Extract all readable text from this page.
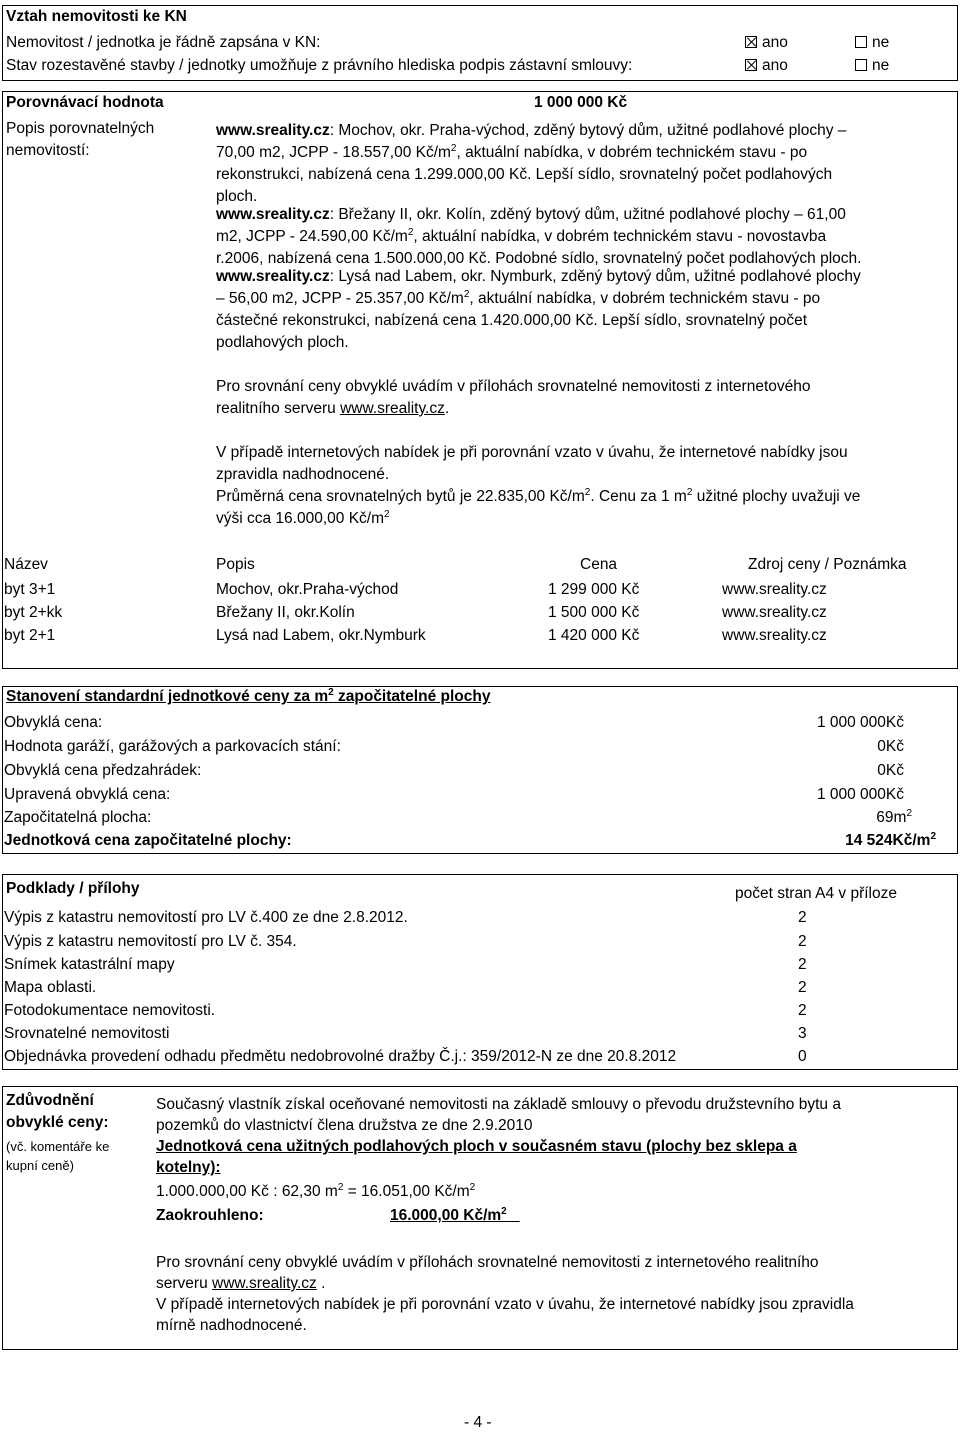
Vztah nemovitosti ke KN
Nemovitost / jednotka je řádně zapsána v KN:	ano	ne
Stav rozestavěné stavby / jednotky umožňuje z právního hlediska podpis zástavní smlouvy:	ano	ne
Porovnávací hodnota	1 000 000 Kč
Popis porovnatelných
nemovitostí:
www.sreality.cz: Mochov, okr. Praha-východ, zděný bytový dům, užitné podlahové plochy –
70,00 m2, JCPP - 18.557,00 $Kč/m^2$, aktuální nabídka, v dobrém technickém stavu - po
rekonstrukci, nabízená cena 1.299.000,00 Kč. Lepší sídlo, srovnatelný počet podlahových
ploch.
www.sreality.cz: Břežany II, okr. Kolín, zděný bytový dům, užitné podlahové plochy – 61,00
m2, JCPP - 24.590,00 $Kč/m^2$, aktuální nabídka, v dobrém technickém stavu - novostavba
r.2006, nabízená cena 1.500.000,00 Kč. Podobné sídlo, srovnatelný počet podlahových ploch.
www.sreality.cz: Lysá nad Labem, okr. Nymburk, zděný bytový dům, užitné podlahové plochy
– 56,00 m2, JCPP - 25.357,00 $Kč/m^2$, aktuální nabídka, v dobrém technickém stavu - po
částečné rekonstrukci, nabízená cena 1.420.000,00 Kč. Lepší sídlo, srovnatelný počet
podlahových ploch.
Pro srovnání ceny obvyklé uvádím v přílohách srovnatelné nemovitosti z internetového
realitního serveru www.sreality.cz.
V případě internetových nabídek je při porovnání vzato v úvahu, že internetové nabídky jsou
zpravidla nadhodnocené.
Průměrná cena srovnatelných bytů je 22.835,00 $Kč/m^2$. Cenu za 1 $m^2$ užitné plochy uvažuji ve
výši cca 16.000,00 $Kč/m^2$
Název	Popis	Cena	Zdroj ceny / Poznámka
byt 3+1	Mochov, okr.Praha-východ	1 299 000 Kč	www.sreality.cz
byt 2+kk	Břežany II, okr.Kolín	1 500 000 Kč	www.sreality.cz
byt 2+1	Lysá nad Labem, okr.Nymburk	1 420 000 Kč	www.sreality.cz
Stanovení standardní jednotkové ceny za $m^2$ započitatelné plochy
Obvyklá cena:	1 000 000Kč
Hodnota garáží, garážových a parkovacích stání:	0Kč
Obvyklá cena předzahrádek:	0Kč
Upravená obvyklá cena:	1 000 000Kč
Započitatelná plocha:	$69m^2$
Jednotková cena započitatelné plochy:	14 $524Kč/m^2$
Podklady / přílohy	počet stran A4 v příloze
Výpis z katastru nemovitostí pro LV č.400 ze dne 2.8.2012.	2
Výpis z katastru nemovitostí pro LV č. 354.	2
Snímek katastrální mapy	2
Mapa oblasti.	2
Fotodokumentace nemovitosti.	2
Srovnatelné nemovitosti	3
Objednávka provedení odhadu předmětu nedobrovolné dražby Č.j.: 359/2012-N ze dne 20.8.2012	0
Zdůvodnění
obvyklé ceny:
(vč. komentáře ke
kupní ceně)
Současný vlastník získal oceňované nemovitosti na základě smlouvy o převodu družstevního bytu a
pozemků do vlastnictví člena družstva ze dne 2.9.2010
Jednotková cena užitných podlahových ploch v současném stavu (plochy bez sklepa a
kotelny):
1.000.000,00 Kč : 62,30 $m^2 = 16.051,00$ $Kč/m^2$
Zaokrouhleno:	16.000,00 $Kč/m^2$
Pro srovnání ceny obvyklé uvádím v přílohách srovnatelné nemovitosti z internetového realitního
serveru www.sreality.cz .
V případě internetových nabídek je při porovnání vzato v úvahu, že internetové nabídky jsou zpravidla
mírně nadhodnocené.
- 4 -
